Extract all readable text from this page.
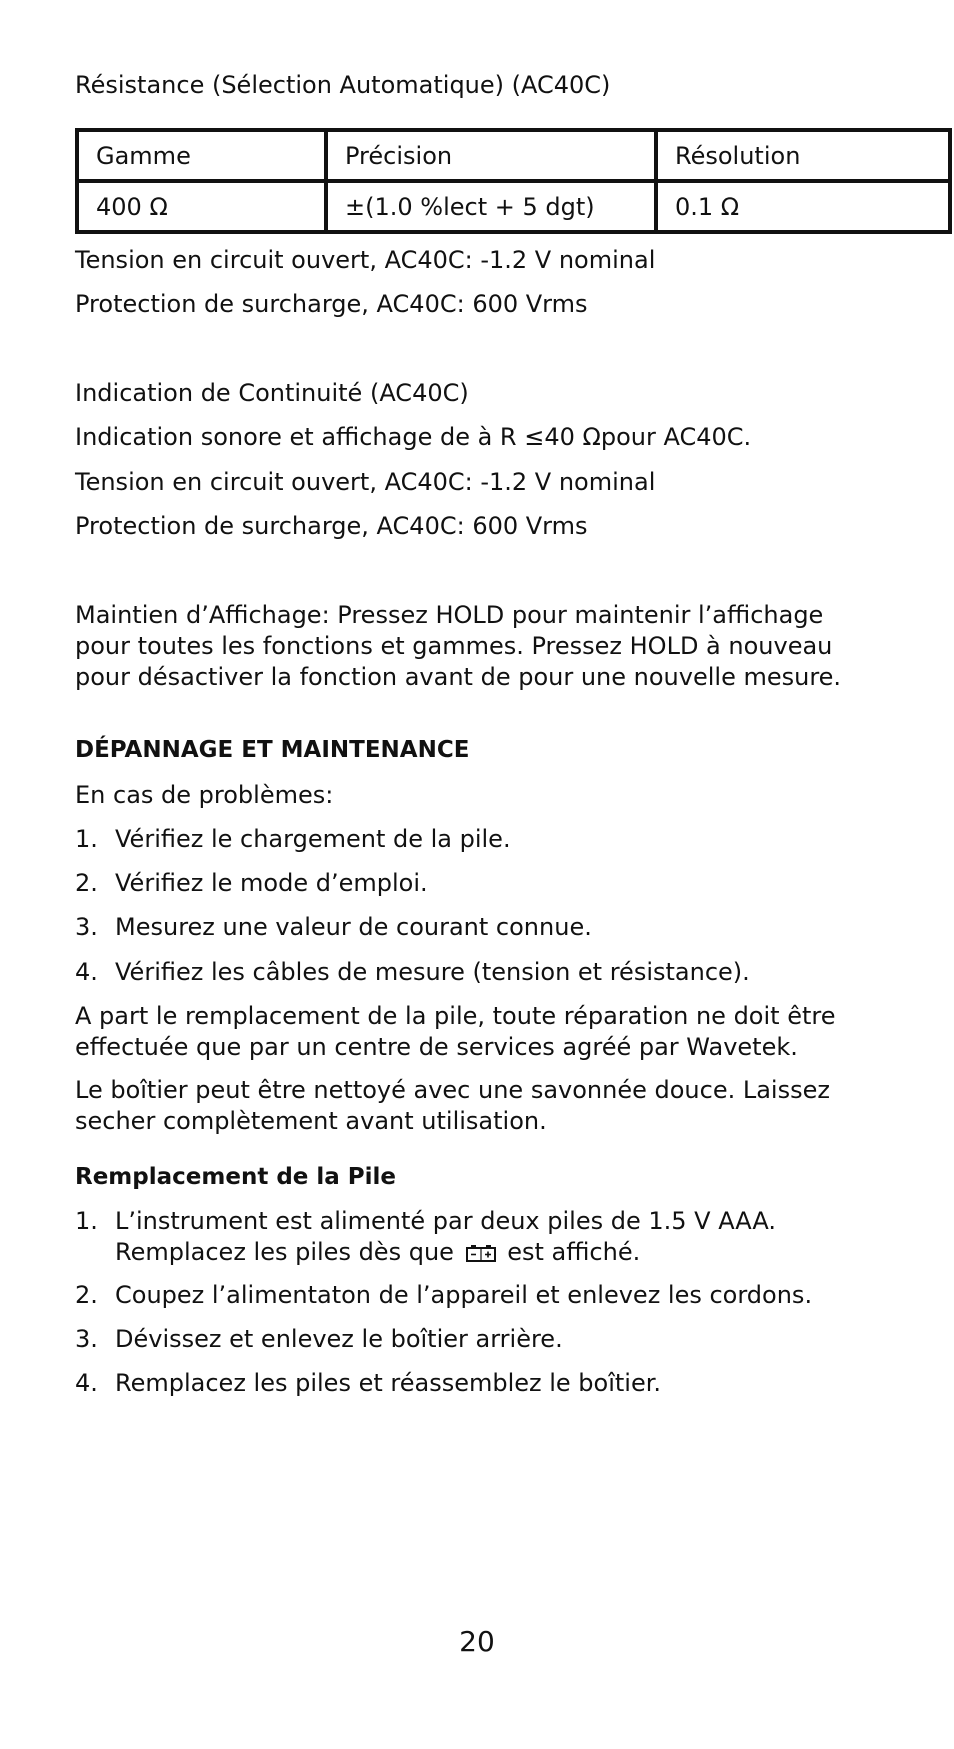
Résistance (Sélection Automatique) (AC40C)
Gamme	Précision	Résolution
400 Ω	±(1.0 %lect + 5 dgt)	0.1 Ω
Tension en circuit ouvert, AC40C: -1.2 V nominal
Protection de surcharge, AC40C: 600 Vrms
Indication de Continuité (AC40C)
Indication sonore et affichage de à R ≤40 Ωpour AC40C.
Tension en circuit ouvert, AC40C: -1.2 V nominal
Protection de surcharge, AC40C: 600 Vrms
Maintien d’Affichage: Pressez HOLD pour maintenir l’affichage pour toutes les fonctions et gammes. Pressez HOLD à nouveau pour désactiver la fonction avant de pour une nouvelle mesure.
DÉPANNAGE ET MAINTENANCE
En cas de problèmes:
1. Vérifiez le chargement de la pile.
2. Vérifiez le mode d’emploi.
3. Mesurez une valeur de courant connue.
4. Vérifiez les câbles de mesure (tension et résistance).
A part le remplacement de la pile, toute réparation ne doit être effectuée que par un centre de services agréé par Wavetek.
Le boîtier peut être nettoyé avec une savonnée douce. Laissez secher complètement avant utilisation.
Remplacement de la Pile
1. L’instrument est alimenté par deux piles de 1.5 V AAA.
Remplacez les piles dès que est affiché.
2. Coupez l’alimentaton de l’appareil et enlevez les cordons.
3. Dévissez et enlevez le boîtier arrière.
4. Remplacez les piles et réassemblez le boîtier.
20
